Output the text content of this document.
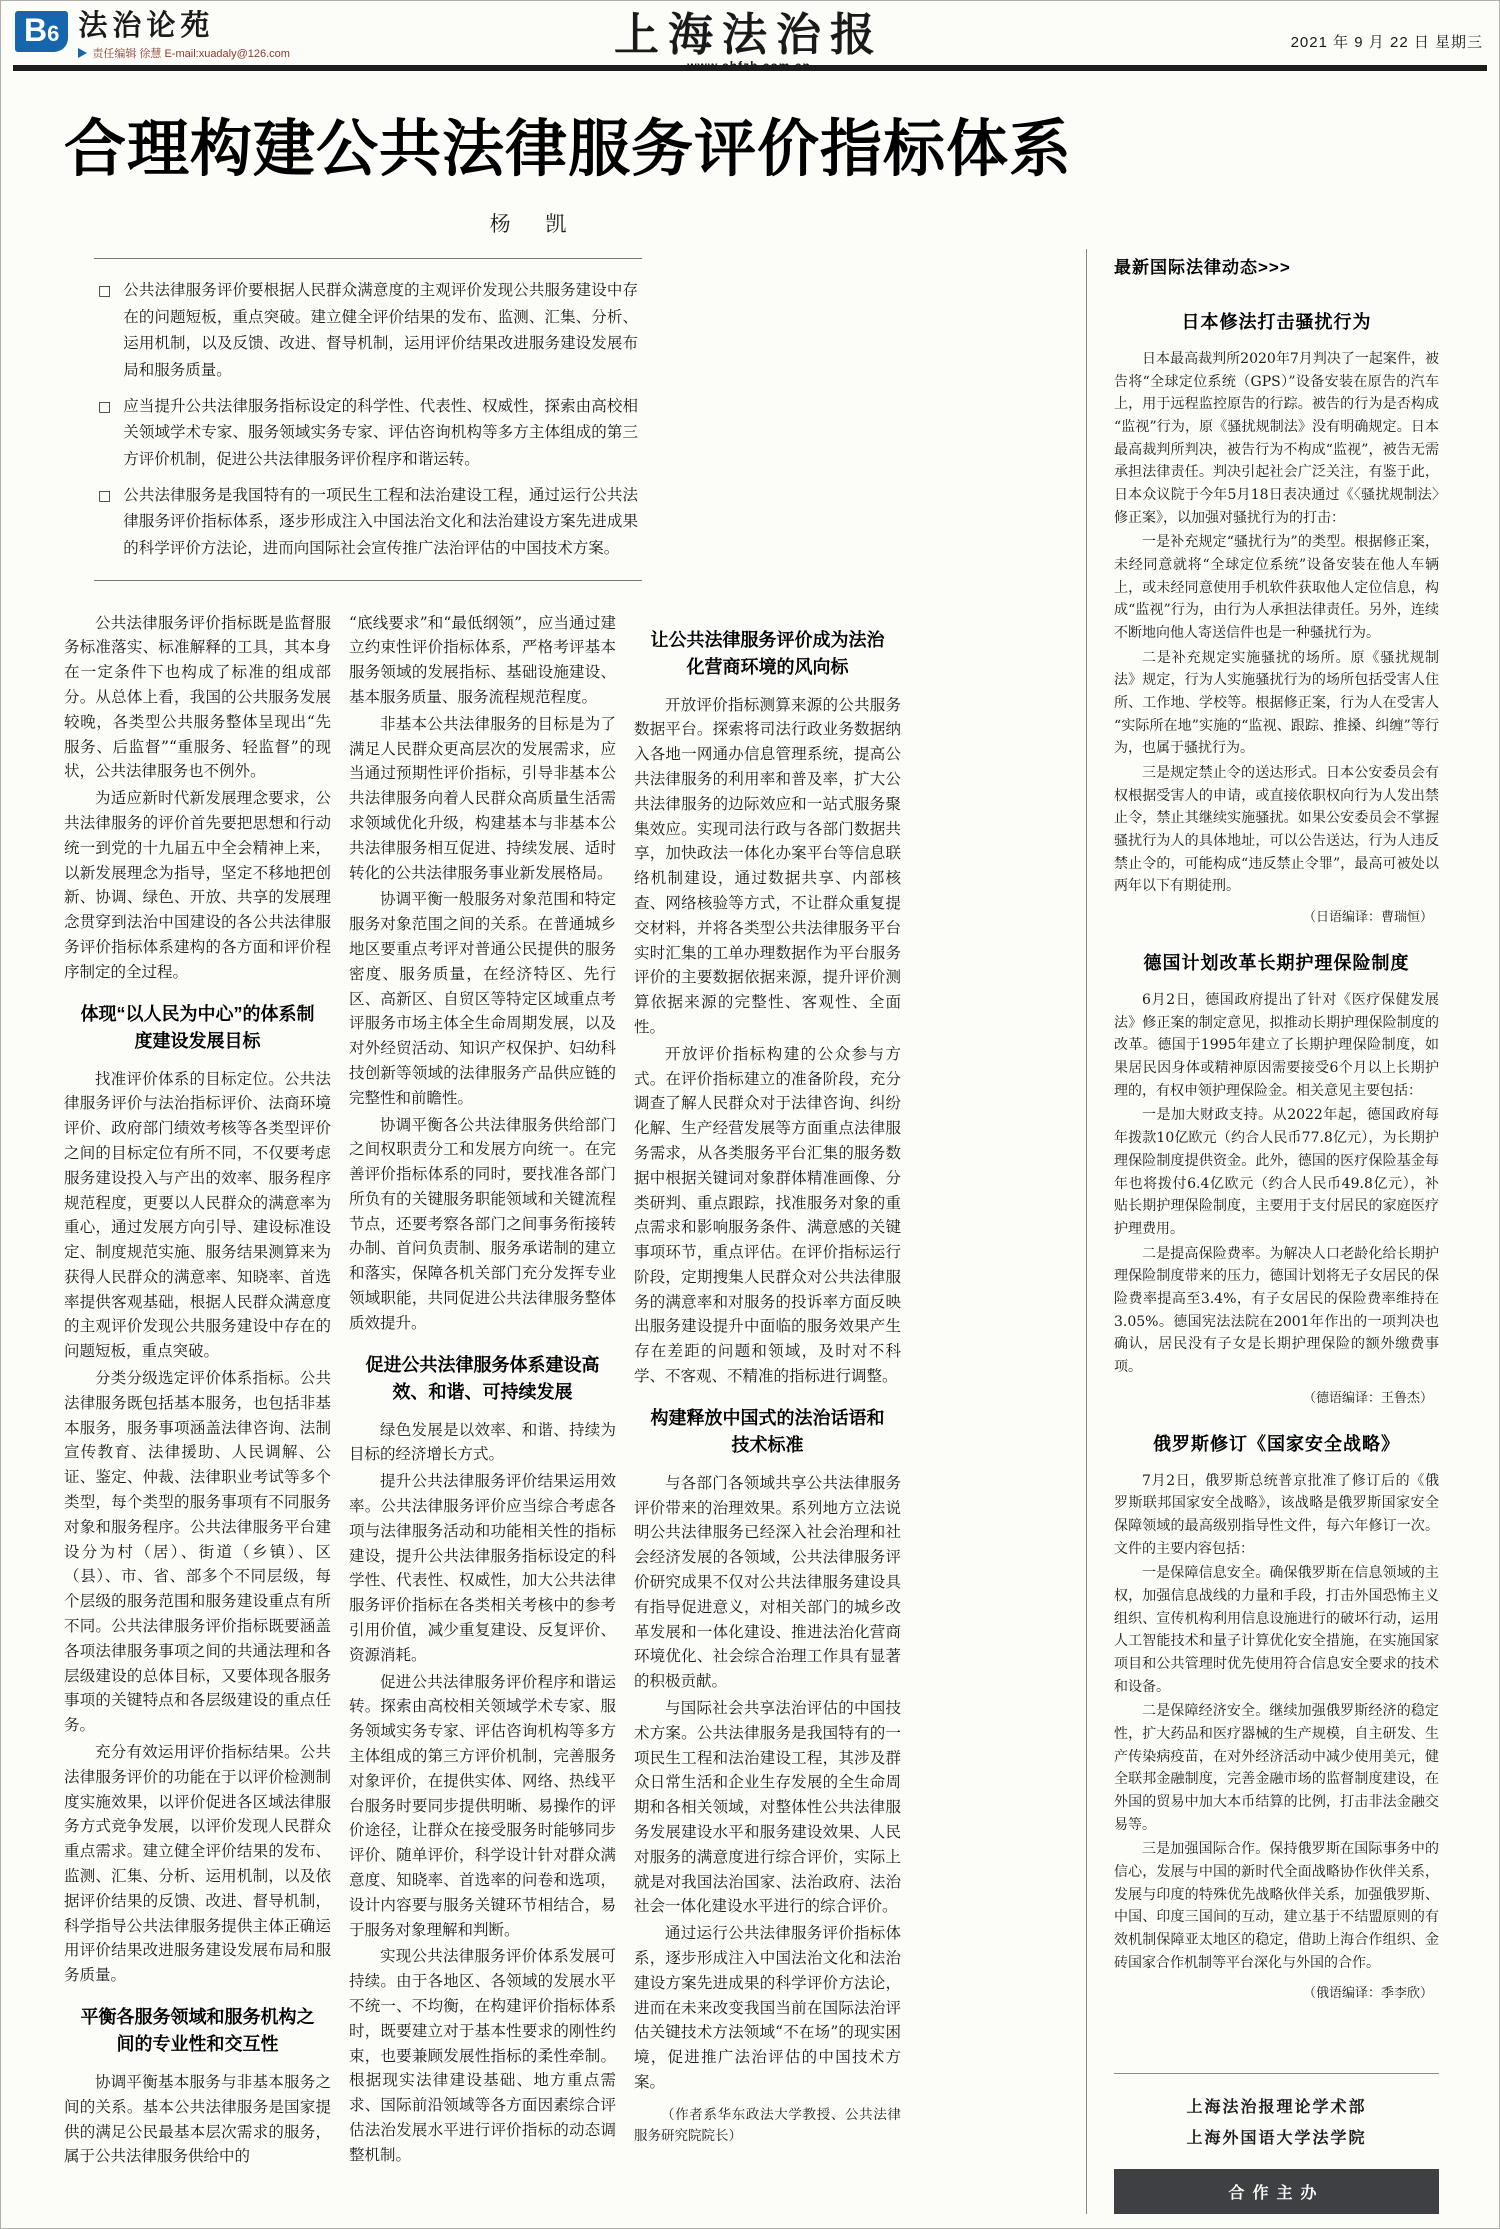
B6 法治论苑
责任编辑 徐慧 E-mail:xuadaly@126.com	上海法治报
www.shfzb.com.cn
2021 年 9 月 22 日 星期三
合理构建公共法律服务评价指标体系
杨 凯
□ 公共法律服务评价要根据人民群众满意度的主观评价发现公共服务建设中存在的问题短板，重点突破。建立健全评价结果的发布、监测、汇集、分析、运用机制，以及反馈、改进、督导机制，运用评价结果改进服务建设发展布局和服务质量。
□ 应当提升公共法律服务指标设定的科学性、代表性、权威性，探索由高校相关领域学术专家、服务领域实务专家、评估咨询机构等多方主体组成的第三方评价机制，促进公共法律服务评价程序和谐运转。
□ 公共法律服务是我国特有的一项民生工程和法治建设工程，通过运行公共法律服务评价指标体系，逐步形成注入中国法治文化和法治建设方案先进成果的科学评价方法论，进而向国际社会宣传推广法治评估的中国技术方案。

公共法律服务评价指标既是监督服务标准落实、标准解释的工具，其本身在一定条件下也构成了标准的组成部分。从总体上看，我国的公共服务发展较晚，各类型公共服务整体呈现出“先服务、后监督”“重服务、轻监督”的现状，公共法律服务也不例外。

为适应新时代新发展理念要求，公共法律服务的评价首先要把思想和行动统一到党的十九届五中全会精神上来，以新发展理念为指导，坚定不移地把创新、协调、绿色、开放、共享的发展理念贯穿到法治中国建设的各公共法律服务评价指标体系建构的各方面和评价程序制定的全过程。

体现“以人民为中心”的体系制度建设发展目标

找准评价体系的目标定位。公共法律服务评价与法治指标评价、法商环境评价、政府部门绩效考核等各类型评价之间的目标定位有所不同，不仅要考虑服务建设投入与产出的效率、服务程序规范程度，更要以人民群众的满意率为重心，通过发展方向引导、建设标准设定、制度规范实施、服务结果测算来为获得人民群众的满意率、知晓率、首选率提供客观基础，根据人民群众满意度的主观评价发现公共服务建设中存在的问题短板，重点突破。

分类分级选定评价体系指标。公共法律服务既包括基本服务，也包括非基本服务，服务事项涵盖法律咨询、法制宣传教育、法律援助、人民调解、公证、鉴定、仲裁、法律职业考试等多个类型，每个类型的服务事项有不同服务对象和服务程序。公共法律服务平台建设分为村（居）、街道（乡镇）、区（县）、市、省、部多个不同层级，每个层级的服务范围和服务建设重点有所不同。公共法律服务评价指标既要涵盖各项法律服务事项之间的共通法理和各层级建设的总体目标，又要体现各服务事项的关键特点和各层级建设的重点任务。

充分有效运用评价指标结果。公共法律服务评价的功能在于以评价检测制度实施效果，以评价促进各区域法律服务方式竞争发展，以评价发现人民群众重点需求。建立健全评价结果的发布、监测、汇集、分析、运用机制，以及依据评价结果的反馈、改进、督导机制，科学指导公共法律服务提供主体正确运用评价结果改进服务建设发展布局和服务质量。

平衡各服务领域和服务机构之间的专业性和交互性

协调平衡基本服务与非基本服务之间的关系。基本公共法律服务是国家提供的满足公民最基本层次需求的服务，属于公共法律服务供给中的

“底线要求”和“最低纲领”，应当通过建立约束性评价指标体系，严格考评基本服务领域的发展指标、基础设施建设、基本服务质量、服务流程规范程度。

非基本公共法律服务的目标是为了满足人民群众更高层次的发展需求，应当通过预期性评价指标，引导非基本公共法律服务向着人民群众高质量生活需求领域优化升级，构建基本与非基本公共法律服务相互促进、持续发展、适时转化的公共法律服务事业新发展格局。

协调平衡一般服务对象范围和特定服务对象范围之间的关系。在普通城乡地区要重点考评对普通公民提供的服务密度、服务质量，在经济特区、先行区、高新区、自贸区等特定区域重点考评服务市场主体全生命周期发展，以及对外经贸活动、知识产权保护、妇幼科技创新等领域的法律服务产品供应链的完整性和前瞻性。

协调平衡各公共法律服务供给部门之间权职责分工和发展方向统一。在完善评价指标体系的同时，要找准各部门所负有的关键服务职能领域和关键流程节点，还要考察各部门之间事务衔接转办制、首问负责制、服务承诺制的建立和落实，保障各机关部门充分发挥专业领域职能，共同促进公共法律服务整体质效提升。

促进公共法律服务体系建设高效、和谐、可持续发展

绿色发展是以效率、和谐、持续为目标的经济增长方式。

提升公共法律服务评价结果运用效率。公共法律服务评价应当综合考虑各项与法律服务活动和功能相关性的指标建设，提升公共法律服务指标设定的科学性、代表性、权威性，加大公共法律服务评价指标在各类相关考核中的参考引用价值，减少重复建设、反复评价、资源消耗。

促进公共法律服务评价程序和谐运转。探索由高校相关领域学术专家、服务领域实务专家、评估咨询机构等多方主体组成的第三方评价机制，完善服务对象评价，在提供实体、网络、热线平台服务时要同步提供明晰、易操作的评价途径，让群众在接受服务时能够同步评价、随单评价，科学设计针对群众满意度、知晓率、首选率的问卷和选项，设计内容要与服务关键环节相结合，易于服务对象理解和判断。

实现公共法律服务评价体系发展可持续。由于各地区、各领域的发展水平不统一、不均衡，在构建评价指标体系时，既要建立对于基本性要求的刚性约束，也要兼顾发展性指标的柔性牵制。根据现实法律建设基础、地方重点需求、国际前沿领域等各方面因素综合评估法治发展水平进行评价指标的动态调整机制。

让公共法律服务评价成为法治化营商环境的风向标

开放评价指标测算来源的公共服务数据平台。探索将司法行政业务数据纳入各地一网通办信息管理系统，提高公共法律服务的利用率和普及率，扩大公共法律服务的边际效应和一站式服务聚集效应。实现司法行政与各部门数据共享，加快政法一体化办案平台等信息联络机制建设，通过数据共享、内部核查、网络核验等方式，不让群众重复提交材料，并将各类型公共法律服务平台实时汇集的工单办理数据作为平台服务评价的主要数据依据来源，提升评价测算依据来源的完整性、客观性、全面性。

开放评价指标构建的公众参与方式。在评价指标建立的准备阶段，充分调查了解人民群众对于法律咨询、纠纷化解、生产经营发展等方面重点法律服务需求，从各类服务平台汇集的服务数据中根据关键词对象群体精准画像、分类研判、重点跟踪，找准服务对象的重点需求和影响服务条件、满意感的关键事项环节，重点评估。在评价指标运行阶段，定期搜集人民群众对公共法律服务的满意率和对服务的投诉率方面反映出服务建设提升中面临的服务效果产生存在差距的问题和领域，及时对不科学、不客观、不精准的指标进行调整。

构建释放中国式的法治话语和技术标准

与各部门各领域共享公共法律服务评价带来的治理效果。系列地方立法说明公共法律服务已经深入社会治理和社会经济发展的各领域，公共法律服务评价研究成果不仅对公共法律服务建设具有指导促进意义，对相关部门的城乡改革发展和一体化建设、推进法治化营商环境优化、社会综合治理工作具有显著的积极贡献。

与国际社会共享法治评估的中国技术方案。公共法律服务是我国特有的一项民生工程和法治建设工程，其涉及群众日常生活和企业生存发展的全生命周期和各相关领域，对整体性公共法律服务发展建设水平和服务建设效果、人民对服务的满意度进行综合评价，实际上就是对我国法治国家、法治政府、法治社会一体化建设水平进行的综合评价。

通过运行公共法律服务评价指标体系，逐步形成注入中国法治文化和法治建设方案先进成果的科学评价方法论，进而在未来改变我国当前在国际法治评估关键技术方法领域“不在场”的现实困境，促进推广法治评估的中国技术方案。

（作者系华东政法大学教授、公共法律服务研究院院长）

最新国际法律动态>>>
日本修法打击骚扰行为

日本最高裁判所2020年7月判决了一起案件，被告将“全球定位系统（GPS）”设备安装在原告的汽车上，用于远程监控原告的行踪。被告的行为是否构成“监视”行为，原《骚扰规制法》没有明确规定。日本最高裁判所判决，被告行为不构成“监视”，被告无需承担法律责任。判决引起社会广泛关注，有鉴于此，日本众议院于今年5月18日表决通过《〈骚扰规制法〉修正案》，以加强对骚扰行为的打击：

一是补充规定“骚扰行为”的类型。根据修正案，未经同意就将“全球定位系统”设备安装在他人车辆上，或未经同意使用手机软件获取他人定位信息，构成“监视”行为，由行为人承担法律责任。另外，连续不断地向他人寄送信件也是一种骚扰行为。

二是补充规定实施骚扰的场所。原《骚扰规制法》规定，行为人实施骚扰行为的场所包括受害人住所、工作地、学校等。根据修正案，行为人在受害人“实际所在地”实施的“监视、跟踪、推搡、纠缠”等行为，也属于骚扰行为。

三是规定禁止令的送达形式。日本公安委员会有权根据受害人的申请，或直接依职权向行为人发出禁止令，禁止其继续实施骚扰。如果公安委员会不掌握骚扰行为人的具体地址，可以公告送达，行为人违反禁止令的，可能构成“违反禁止令罪”，最高可被处以两年以下有期徒刑。

（日语编译：曹瑞恒）

德国计划改革长期护理保险制度

6月2日，德国政府提出了针对《医疗保健发展法》修正案的制定意见，拟推动长期护理保险制度的改革。德国于1995年建立了长期护理保险制度，如果居民因身体或精神原因需要接受6个月以上长期护理的，有权申领护理保险金。相关意见主要包括：

一是加大财政支持。从2022年起，德国政府每年拨款10亿欧元（约合人民币77.8亿元），为长期护理保险制度提供资金。此外，德国的医疗保险基金每年也将拨付6.4亿欧元（约合人民币49.8亿元），补贴长期护理保险制度，主要用于支付居民的家庭医疗护理费用。

二是提高保险费率。为解决人口老龄化给长期护理保险制度带来的压力，德国计划将无子女居民的保险费率提高至3.4%，有子女居民的保险费率维持在3.05%。德国宪法法院在2001年作出的一项判决也确认，居民没有子女是长期护理保险的额外缴费事项。

（德语编译：王鲁杰）

俄罗斯修订《国家安全战略》

7月2日，俄罗斯总统普京批准了修订后的《俄罗斯联邦国家安全战略》，该战略是俄罗斯国家安全保障领域的最高级别指导性文件，每六年修订一次。文件的主要内容包括：

一是保障信息安全。确保俄罗斯在信息领域的主权，加强信息战线的力量和手段，打击外国恐怖主义组织、宣传机构利用信息设施进行的破坏行动，运用人工智能技术和量子计算优化安全措施，在实施国家项目和公共管理时优先使用符合信息安全要求的技术和设备。

二是保障经济安全。继续加强俄罗斯经济的稳定性，扩大药品和医疗器械的生产规模，自主研发、生产传染病疫苗，在对外经济活动中减少使用美元，健全联邦金融制度，完善金融市场的监督制度建设，在外国的贸易中加大本币结算的比例，打击非法金融交易等。

三是加强国际合作。保持俄罗斯在国际事务中的信心，发展与中国的新时代全面战略协作伙伴关系，发展与印度的特殊优先战略伙伴关系，加强俄罗斯、中国、印度三国间的互动，建立基于不结盟原则的有效机制保障亚太地区的稳定，借助上海合作组织、金砖国家合作机制等平台深化与外国的合作。

（俄语编译：季李欣）

上海法治报理论学术部
上海外国语大学法学院
合作主办
